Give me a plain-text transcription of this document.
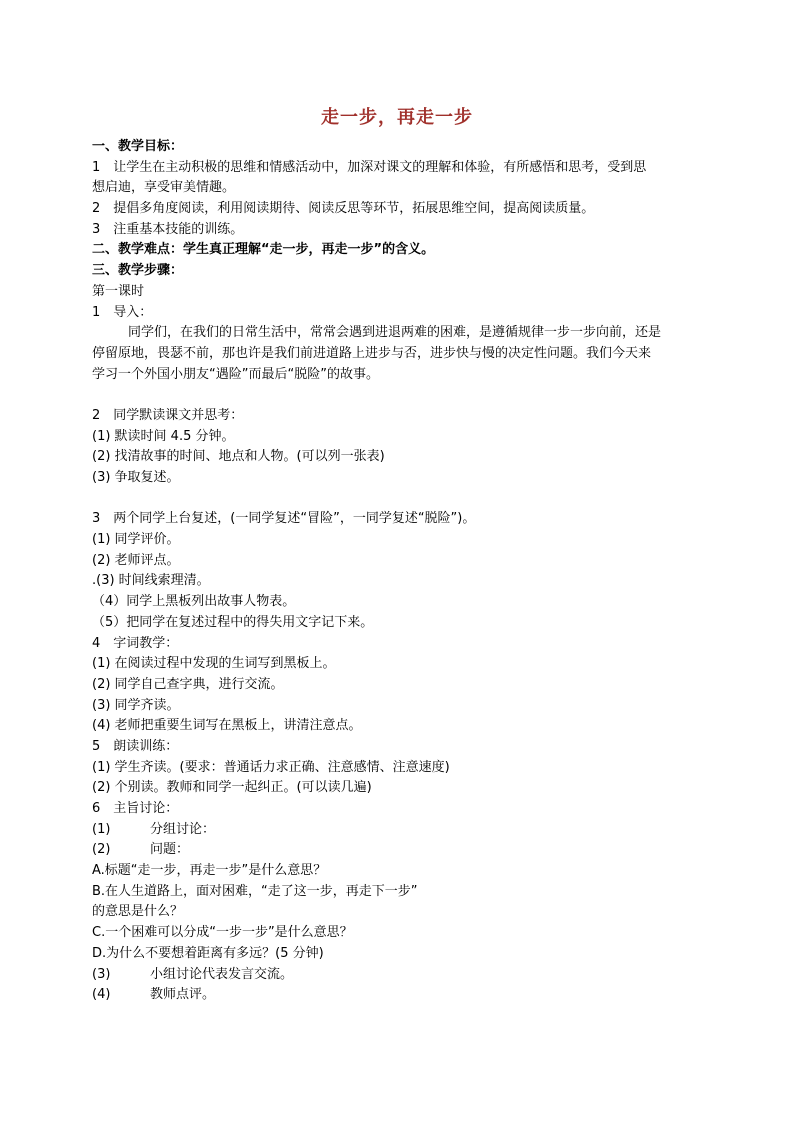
走一步，再走一步
一、教学目标：
1　让学生在主动积极的思维和情感活动中，加深对课文的理解和体验，有所感悟和思考，受到思
想启迪，享受审美情趣。
2　提倡多角度阅读，利用阅读期待、阅读反思等环节，拓展思维空间，提高阅读质量。
3　注重基本技能的训练。
二、教学难点：学生真正理解“走一步，再走一步”的含义。
三、教学步骤：
第一课时
1　导入：
同学们，在我们的日常生活中，常常会遇到进退两难的困难，是遵循规律一步一步向前，还是
停留原地，畏瑟不前，那也许是我们前进道路上进步与否，进步快与慢的决定性问题。我们今天来
学习一个外国小朋友“遇险”而最后“脱险”的故事。
2　同学默读课文并思考：
(1) 默读时间 4.5 分钟。
(2) 找清故事的时间、地点和人物。(可以列一张表)
(3) 争取复述。
3　两个同学上台复述，(一同学复述“冒险”，一同学复述“脱险”)。
(1) 同学评价。
(2) 老师评点。
.(3) 时间线索理清。
（4）同学上黑板列出故事人物表。
（5）把同学在复述过程中的得失用文字记下来。
4　字词教学：
(1) 在阅读过程中发现的生词写到黑板上。
(2) 同学自己查字典，进行交流。
(3) 同学齐读。
(4) 老师把重要生词写在黑板上，讲清注意点。
5　朗读训练：
(1) 学生齐读。(要求：普通话力求正确、注意感情、注意速度)
(2) 个别读。教师和同学一起纠正。(可以读几遍)
6　主旨讨论：
(1)	分组讨论：
(2)	问题：
A.标题“走一步，再走一步”是什么意思？
B.在人生道路上，面对困难，“走了这一步，再走下一步”
的意思是什么？
C.一个困难可以分成“一步一步”是什么意思？
D.为什么不要想着距离有多远？(5 分钟)
(3)	小组讨论代表发言交流。
(4)	教师点评。
